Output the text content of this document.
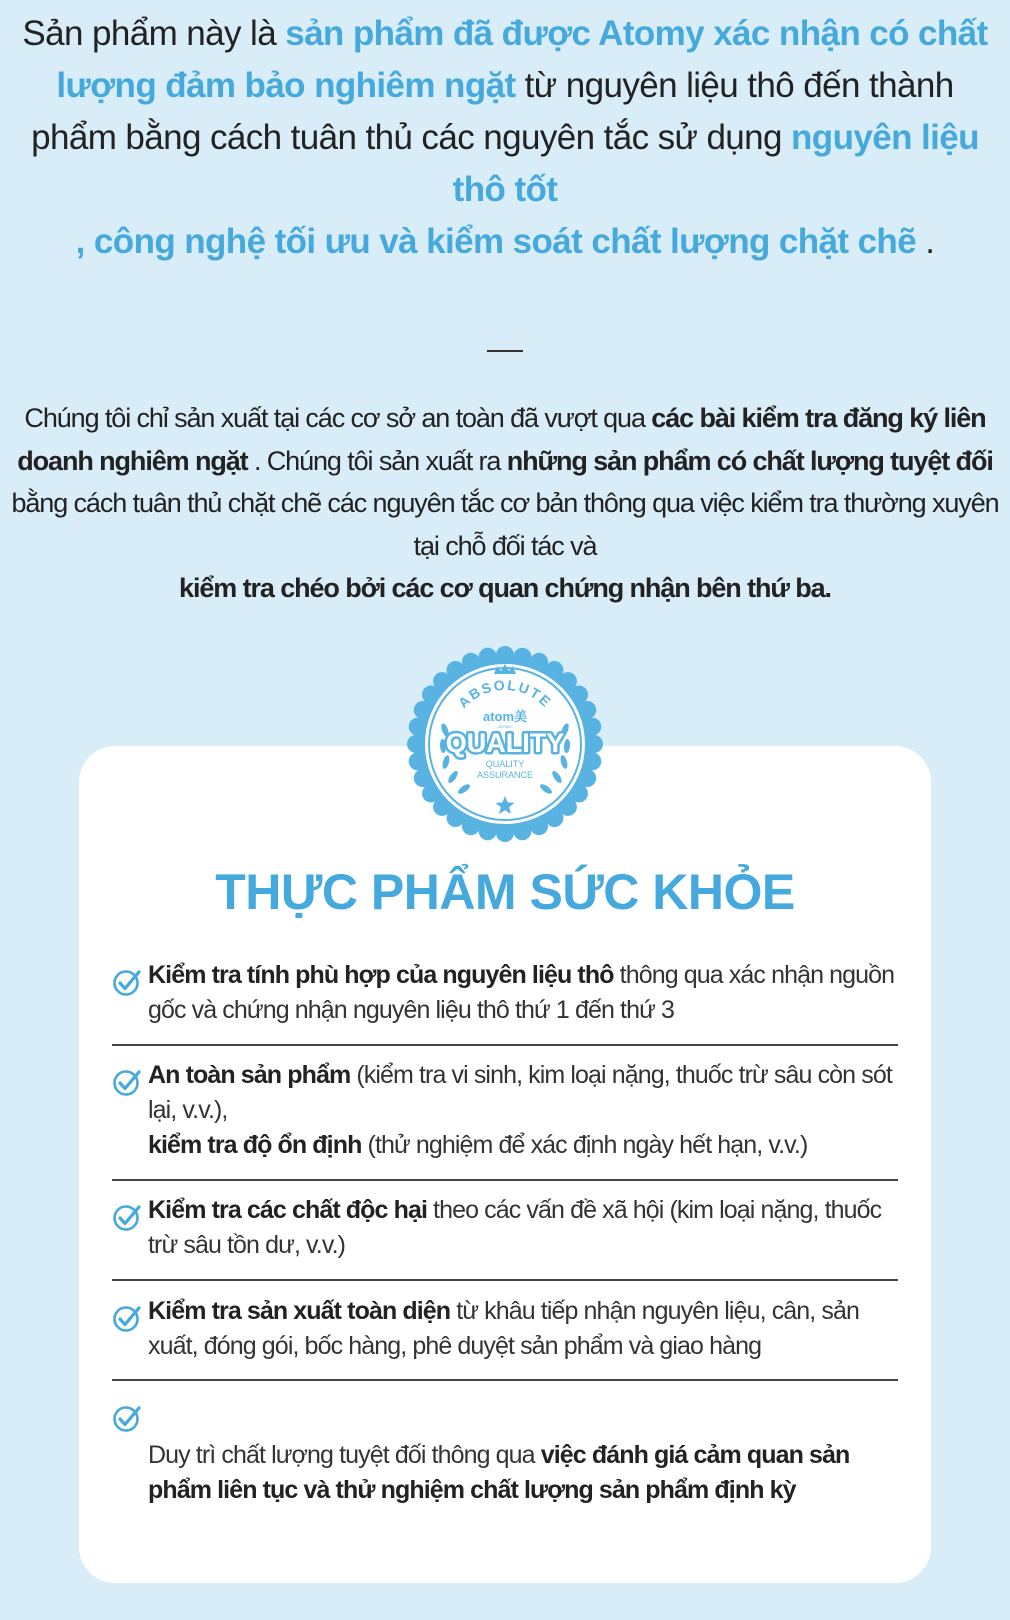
Sản phẩm này là sản phẩm đã được Atomy xác nhận có chất lượng đảm bảo nghiêm ngặt từ nguyên liệu thô đến thành phẩm bằng cách tuân thủ các nguyên tắc sử dụng nguyên liệu thô tốt
, công nghệ tối ưu và kiểm soát chất lượng chặt chẽ .
Chúng tôi chỉ sản xuất tại các cơ sở an toàn đã vượt qua các bài kiểm tra đăng ký liên doanh nghiêm ngặt . Chúng tôi sản xuất ra những sản phẩm có chất lượng tuyệt đối bằng cách tuân thủ chặt chẽ các nguyên tắc cơ bản thông qua việc kiểm tra thường xuyên tại chỗ đối tác và
kiểm tra chéo bởi các cơ quan chứng nhận bên thứ ba.
ABSOLUTE
atom美
ATOMY
QUALITY
QUALITY
ASSURANCE
THỰC PHẨM SỨC KHỎE
Kiểm tra tính phù hợp của nguyên liệu thô thông qua xác nhận nguồn gốc và chứng nhận nguyên liệu thô thứ 1 đến thứ 3
An toàn sản phẩm (kiểm tra vi sinh, kim loại nặng, thuốc trừ sâu còn sót lại, v.v.),
kiểm tra độ ổn định (thử nghiệm để xác định ngày hết hạn, v.v.)
Kiểm tra các chất độc hại theo các vấn đề xã hội (kim loại nặng, thuốc trừ sâu tồn dư, v.v.)
Kiểm tra sản xuất toàn diện từ khâu tiếp nhận nguyên liệu, cân, sản xuất, đóng gói, bốc hàng, phê duyệt sản phẩm và giao hàng
Duy trì chất lượng tuyệt đối thông qua việc đánh giá cảm quan sản phẩm liên tục và thử nghiệm chất lượng sản phẩm định kỳ
